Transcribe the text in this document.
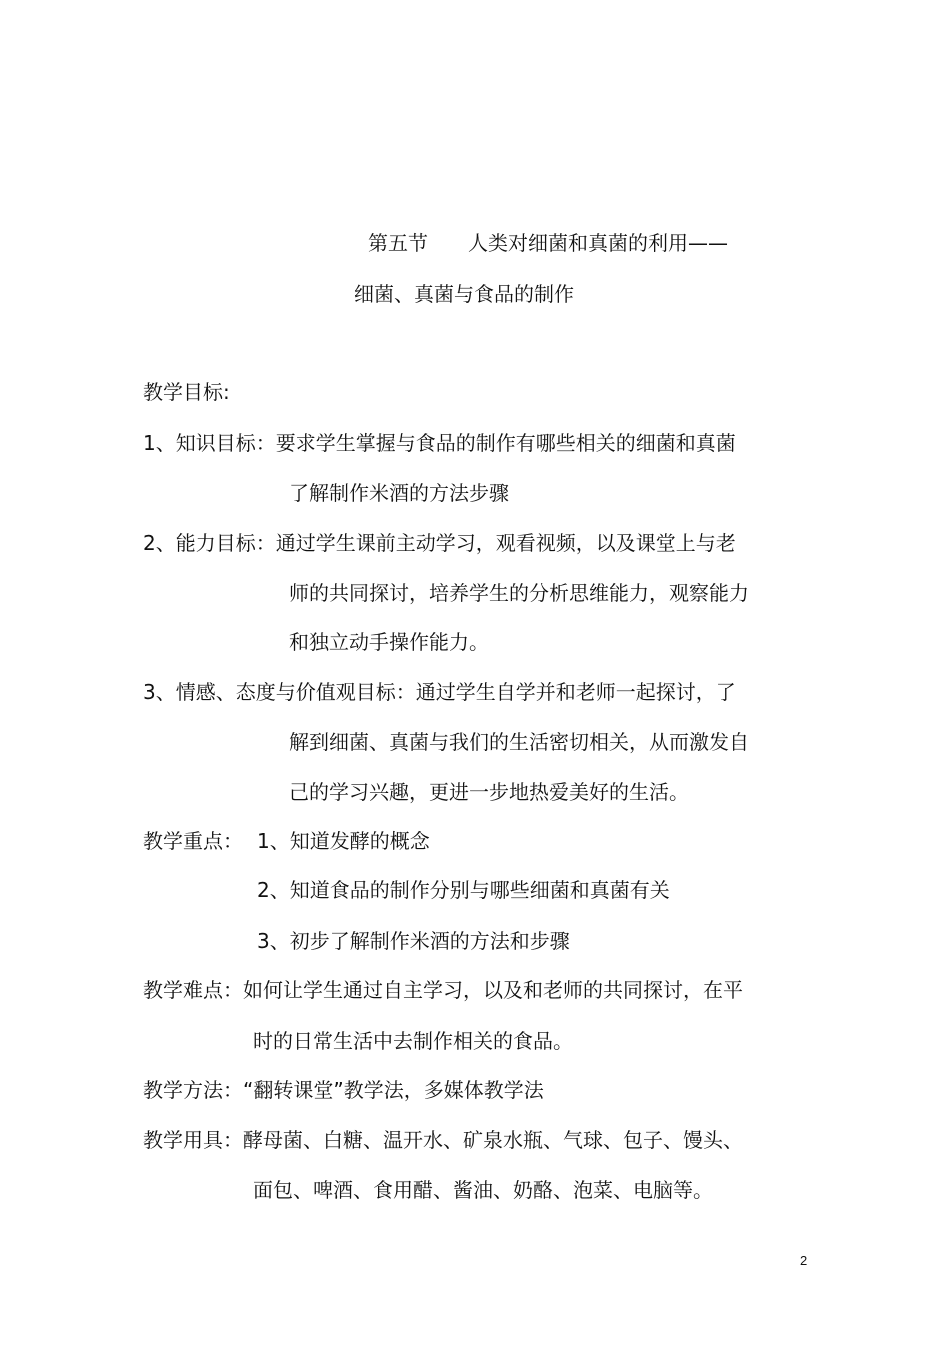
第五节 人类对细菌和真菌的利用——
细菌、真菌与食品的制作
教学目标:
1、知识目标：要求学生掌握与食品的制作有哪些相关的细菌和真菌
了解制作米酒的方法步骤
2、能力目标：通过学生课前主动学习，观看视频，以及课堂上与老
师的共同探讨，培养学生的分析思维能力，观察能力
和独立动手操作能力。
3、情感、态度与价值观目标：通过学生自学并和老师一起探讨，了
解到细菌、真菌与我们的生活密切相关，从而激发自
己的学习兴趣，更进一步地热爱美好的生活。
教学重点： 1、知道发酵的概念
2、知道食品的制作分别与哪些细菌和真菌有关
3、初步了解制作米酒的方法和步骤
教学难点：如何让学生通过自主学习，以及和老师的共同探讨，在平
时的日常生活中去制作相关的食品。
教学方法：“翻转课堂”教学法，多媒体教学法
教学用具：酵母菌、白糖、温开水、矿泉水瓶、气球、包子、馒头、
面包、啤酒、食用醋、酱油、奶酪、泡菜、电脑等。
2
